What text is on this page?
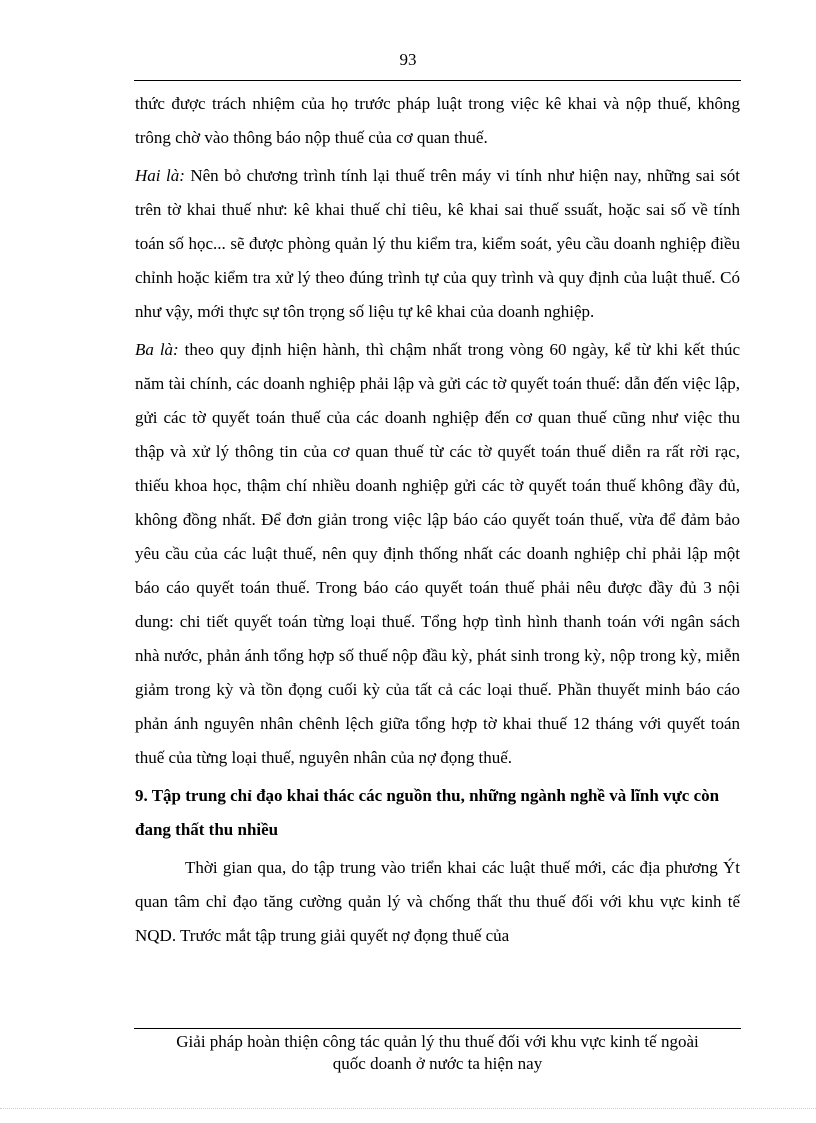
93

thức được trách nhiệm của họ trước pháp luật trong việc kê khai và nộp thuế, không trông chờ vào thông báo nộp thuế của cơ quan thuế.

Hai là: Nên bỏ chương trình tính lại thuế trên máy vi tính như hiện nay, những sai sót trên tờ khai thuế như: kê khai thuế chỉ tiêu, kê khai sai thuế ssuất, hoặc sai số về tính toán số học... sẽ được phòng quản lý thu kiểm tra, kiểm soát, yêu cầu doanh nghiệp điều chỉnh hoặc kiểm tra xử lý theo đúng trình tự của quy trình và quy định của luật thuế. Có như vậy, mới thực sự tôn trọng số liệu tự kê khai của doanh nghiệp.

Ba là: theo quy định hiện hành, thì chậm nhất trong vòng 60 ngày, kể từ khi kết thúc năm tài chính, các doanh nghiệp phải lập và gửi các tờ quyết toán thuế: dẫn đến việc lập, gửi các tờ quyết toán thuế của các doanh nghiệp đến cơ quan thuế cũng như việc thu thập và xử lý thông tin của cơ quan thuế từ các tờ quyết toán thuế diễn ra rất rời rạc, thiếu khoa học, thậm chí nhiều doanh nghiệp gửi các tờ quyết toán thuế không đầy đủ, không đồng nhất. Để đơn giản trong việc lập báo cáo quyết toán thuế, vừa để đảm bảo yêu cầu của các luật thuế, nên quy định thống nhất các doanh nghiệp chỉ phải lập một báo cáo quyết toán thuế. Trong báo cáo quyết toán thuế phải nêu được đầy đủ 3 nội dung: chi tiết quyết toán từng loại thuế. Tổng hợp tình hình thanh toán với ngân sách nhà nước, phản ánh tổng hợp số thuế nộp đầu kỳ, phát sinh trong kỳ, nộp trong kỳ, miễn giảm trong kỳ và tồn đọng cuối kỳ của tất cả các loại thuế. Phần thuyết minh báo cáo phản ánh nguyên nhân chênh lệch giữa tổng hợp tờ khai thuế 12 tháng với quyết toán thuế của từng loại thuế, nguyên nhân của nợ đọng thuế.

9. Tập trung chỉ đạo khai thác các nguồn thu, những ngành nghề và lĩnh vực còn đang thất thu nhiều

Thời gian qua, do tập trung vào triển khai các luật thuế mới, các địa phương Ýt quan tâm chỉ đạo tăng cường quản lý và chống thất thu thuế đối với khu vực kinh tế NQD. Trước mắt tập trung giải quyết nợ đọng thuế của

Giải pháp hoàn thiện công tác quản lý thu thuế đối với khu vực kinh tế ngoài
quốc doanh ở nước ta hiện nay
